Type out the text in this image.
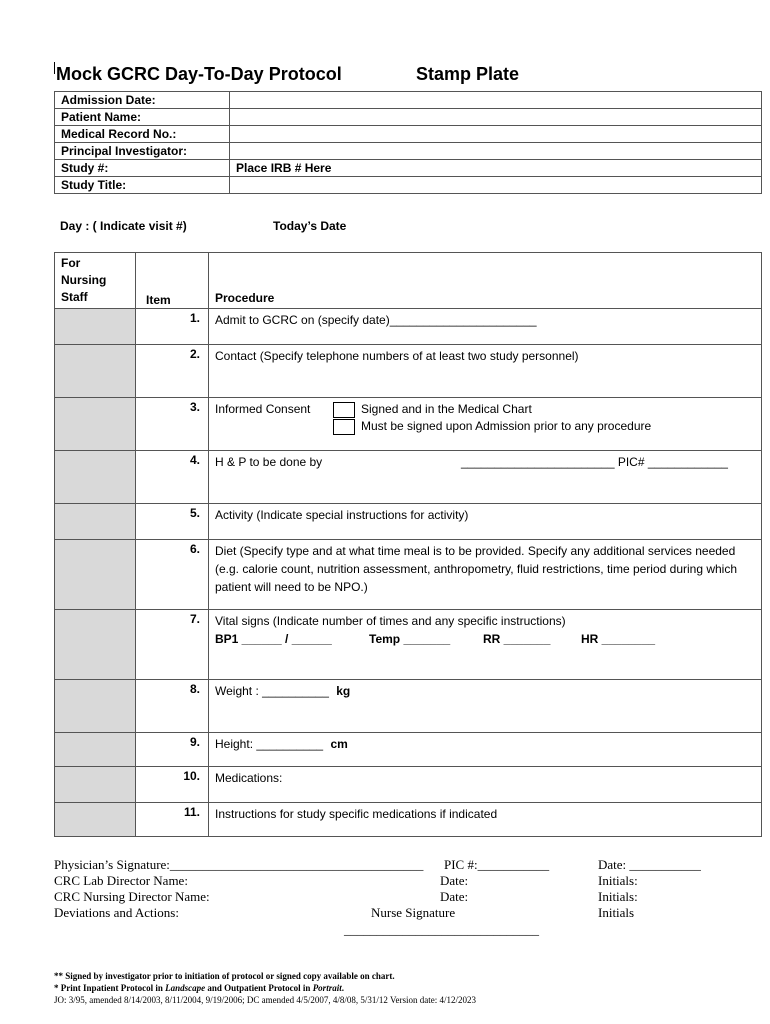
Mock GCRC Day-To-Day Protocol	Stamp Plate
Admission Date:	
Patient Name:	
Medical Record No.:	
Principal Investigator:	
Study #:	Place IRB # Here
Study Title:	
Day : ( Indicate visit #)	Today’s Date
For
Nursing
Staff	Item	Procedure
	1.	Admit to GCRC on (specify date)______________________
	2.	Contact (Specify telephone numbers of at least two study personnel)
	3.	Informed Consent Signed and in the Medical Chart
Must be signed upon Admission prior to any procedure

	4.	H & P to be done by _______________________ PIC# ____________

	5.	Activity (Indicate special instructions for activity)
	6.	Diet (Specify type and at what time meal is to be provided. Specify any additional services needed (e.g. calorie count, nutrition assessment, anthropometry, fluid restrictions, time period during which patient will need to be NPO.)
	7.	Vital signs (Indicate number of times and any specific instructions)
BP1 ______ / ______ Temp _______ RR _______ HR ________

	8.	Weight : __________ kg
	9.	Height: __________ cm
	10.	Medications:
	11.	Instructions for study specific medications if indicated
Physician’s Signature:_______________________________________ PIC #:___________	Date: ___________
CRC Lab Director Name:	Date:	Initials:
CRC Nursing Director Name:	Date:	Initials:
Deviations and Actions:	Nurse Signature	Initials
______________________________
** Signed by investigator prior to initiation of protocol or signed copy available on chart.
* Print Inpatient Protocol in Landscape and Outpatient Protocol in Portrait.
JO: 3/95, amended 8/14/2003, 8/11/2004, 9/19/2006; DC amended 4/5/2007, 4/8/08, 5/31/12 Version date: 4/12/2023
